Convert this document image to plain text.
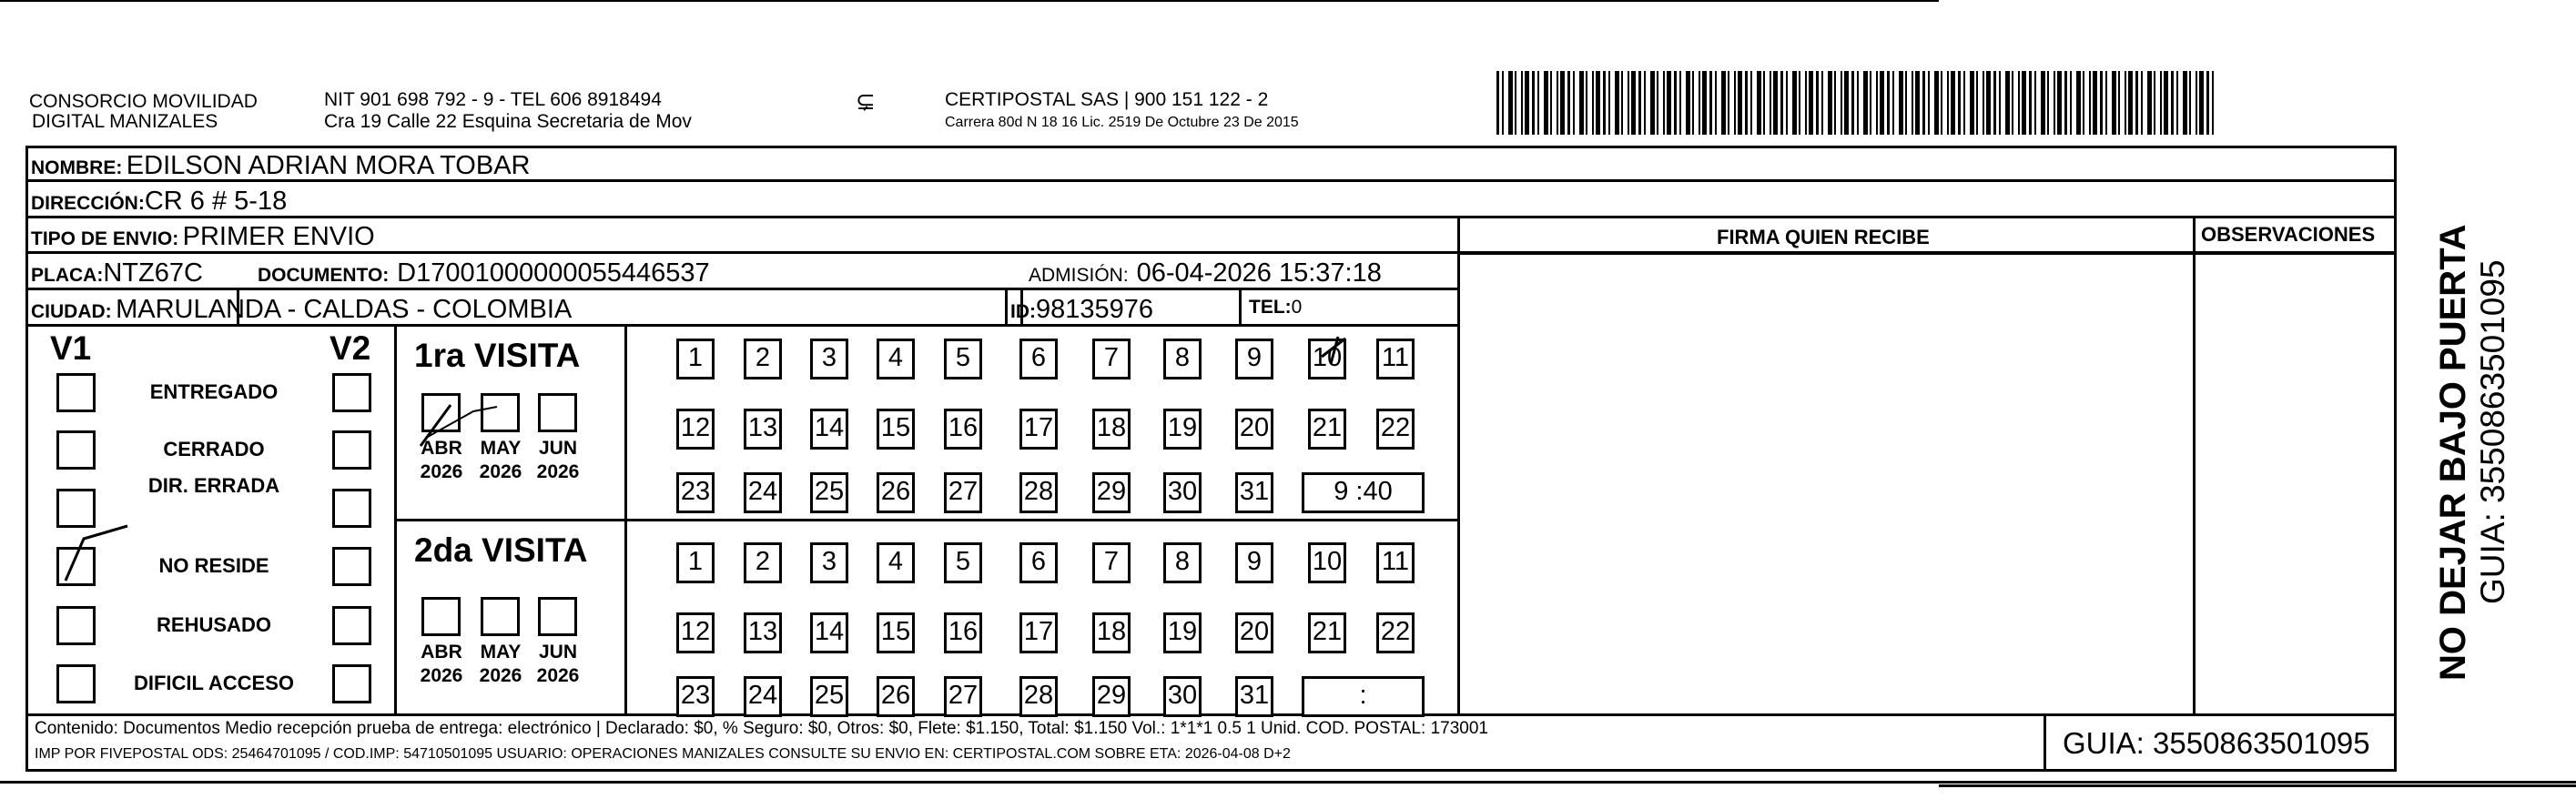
CONSORCIO MOVILIDAD
DIGITAL MANIZALES
NIT 901 698 792 - 9 - TEL 606 8918494
Cra 19 Calle 22 Esquina Secretaria de Mov
⊊	CERTIPOSTAL SAS | 900 151 122 - 2
Carrera 80d N 18 16 Lic. 2519 De Octubre 23 De 2015
NOMBRE: EDILSON ADRIAN MORA TOBAR
DIRECCIÓN:CR 6 # 5-18
TIPO DE ENVIO: PRIMER ENVIO
PLACA:NTZ67C	DOCUMENTO: D17001000000055446537	ADMISIÓN: 06-04-2026 15:37:18
CIUDAD: MARULANDA - CALDAS - COLOMBIA	ID:98135976	TEL:0
FIRMA QUIEN RECIBE	OBSERVACIONES
V1	V2
ENTREGADO
CERRADO
DIR. ERRADA
NO RESIDE
REHUSADO
DIFICIL ACCESO
1ra VISITA
2da VISITA
1	2	3	4	5	6	7	8	9	10 11
12 13 14 15 16 17 18 19 20 21 22
23 24 25 26 27 28 29 30 31	9 :40
ABR
2026
MAY
2026
JUN
2026
1	2	3	4	5	6	7	8	9	10 11
12 13 14 15 16 17 18 19 20 21 22
23 24 25 26 27 28 29 30 31	:
ABR
2026
MAY
2026
JUN
2026
Contenido: Documentos Medio recepción prueba de entrega: electrónico | Declarado: $0, % Seguro: $0, Otros: $0, Flete: $1.150, Total: $1.150 Vol.: 1*1*1 0.5 1 Unid. COD. POSTAL: 173001
IMP POR FIVEPOSTAL ODS: 25464701095 / COD.IMP: 54710501095 USUARIO: OPERACIONES MANIZALES CONSULTE SU ENVIO EN: CERTIPOSTAL.COM SOBRE ETA: 2026-04-08 D+2	GUIA: 3550863501095
NO DEJAR BAJO PUERTA GUIA: 3550863501095
